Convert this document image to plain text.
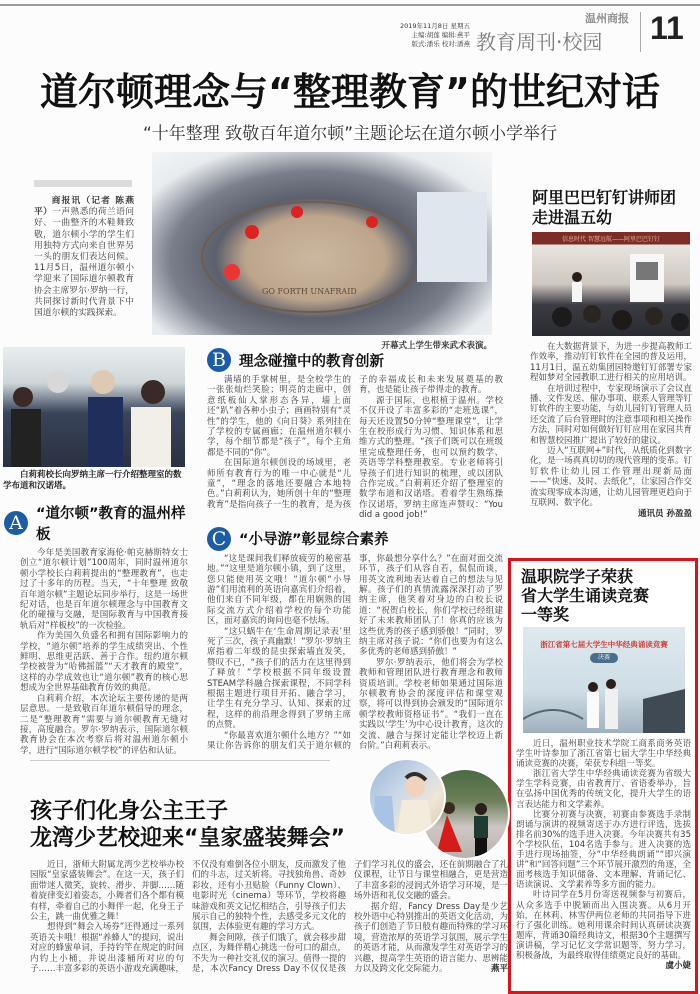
2019年11月8日 星期五
主编:胡莲 编辑:燕平
版式:潘乐 校对:潘燕
温州商报
教育周刊·校园 11
道尔顿理念与“整理教育”的世纪对话
“十年整理 致敬百年道尔顿”主题论坛在道尔顿小学举行

商报讯（记者 陈燕平）一声熟悉的荷兰语问好、一曲整齐的木鞋舞致敬，道尔顿小学的学生们用独特方式向来自世界另一头的朋友们表达问候。11月5日，温州道尔顿小学迎来了国际道尔顿教育协会主席罗尔·罗纳一行，共同探讨新时代背景下中国道尔顿的实践探索。

GO FORTH UNAFRAID
开幕式上学生带来武术表演。
白莉莉校长向罗纳主席一行介绍整理室的数学布道和汉诺塔。
A “道尔顿”教育的温州样板

今年是美国教育家海伦·帕克赫斯特女士创立“道尔顿计划”100周年，同时温州道尔顿小学校长白莉莉提出的“整理教育”，也走过了十多年的历程。当天，“十年整理 致敬百年道尔顿”主题论坛同步举行，这是一场世纪对话，也是百年道尔顿理念与中国教育文化的碰撞与交融，是国际教育与中国教育接轨后对“样板校”的一次检验。

作为美国久负盛名和拥有国际影响力的学校，“道尔顿”培养的学生成绩突出、个性鲜明、思维更活跃、善于合作。纽约道尔顿学校被誉为“哈佛摇篮”“天才教育的殿堂”，这样的办学成效也让“道尔顿”教育的核心思想成为全世界基础教育仿效的典范。

白莉莉介绍，本次论坛主要传递的是两层意思。一是致敬百年道尔顿倡导的理念，二是“整理教育”需要与道尔顿教育无缝对接，高度融合。罗尔·罗纳表示，国际道尔顿教育协会在本次考察后将对温州道尔顿小学，进行“国际道尔顿学校”的评估和认证。

B 理念碰撞中的教育创新

满墙的手掌树里，是全校学生的一张张灿烂笑脸；明亮的走廊中，创意纸板仙人掌形态各异，墙上面还“趴”着各种小虫子；画画特别有“灵性”的学生，他的《向日葵》系列挂在了学校的专属画廊；在温州道尔顿小学，每个细节都是“孩子”，每个主角都是不同的“你”。

在国际道尔顿创设的场域里，老师所有教育行为的唯一中心就是“儿童”，“理念的落地还要融合本地特色。”白莉莉认为，她所创十年的“整理教育”是指向孩子一生的教育，是为孩子的幸福成长和未来发展奠基的教育，也是能让孩子带得走的教育。

源于国际，也根植于温州。学校不仅开设了丰富多彩的“走班选课”，每天还设置50分钟“整理课堂”，让学生在校形成行为习惯、知识体系和思维方式的整理。“孩子们既可以在班级里完成整理任务，也可以预约数学、英语等学科整理教室。专业老师将引导孩子们进行知识的梳理，或以团队合作完成。”白莉莉还介绍了整理室的数学布道和汉诺塔。看着学生熟练操作汉诺塔，罗纳主席连声赞叹：“You did a good job!”

C “小导游”彰显综合素养

“这是课间我们释放疲劳的秘密基地。”“这里是道尔顿小镇，到了这里，您只能使用英文哦！”道尔顿“小导游”们用流利的英语向嘉宾们介绍着，他们来自不同年级，都在用娴熟的国际交流方式介绍着学校的每个功能区，面对嘉宾的询问也毫不怯场。

“这只蜗牛在‘生命周期记录表’里死了三次，孩子真幽默！”罗尔·罗纳主席指着二年级的昆虫探索墙直发笑，赞叹不已，“孩子们的活力在这里得到了释放！”学校根据不同年级设置STEAM学科融合探索课程，不同学科根据主题进行项目开拓、融合学习，让学生有充分学习、认知、探索的过程，这样的前沿理念得到了罗纳主席的点赞。

“你最喜欢道尔顿什么地方？”“如果让你告诉你的朋友们关于道尔顿的事，你最想分享什么？”在面对面交流环节，孩子们从容自若，侃侃而谈，用英文流利地表达着自己的想法与见解。孩子们的真情流露深深打动了罗纳主席，他笑着对身边的白校长说道：“祝贺白校长，你们学校已经组建好了未来教师团队了！你真的应该为这些优秀的孩子感到骄傲！”同时，罗纳主席对孩子说：“你们也要为有这么多优秀的老师感到骄傲！”

罗尔·罗纳表示，他们将会为学校教师和管理团队进行教育理念和教师资质培训。学校老师如果通过国际道尔顿教育协会的深度评估和课堂观察，将可以得到协会颁发的“国际道尔顿学校教师资格证书”。“我们一直在实践以‘学生’为中心设计教育，这次的交流、融合与探讨定能让学校迈上新台阶。”白莉莉表示。

阿里巴巴钉钉讲师团
走进温五幼
信息时代 智慧远航——阿里巴巴钉钉

在大数据背景下，为进一步提高教师工作效率，推动钉钉软件在全园的普及运用，11月1日，温五幼集团园特邀钉钉部署专家程如梦对全园教职工进行相关的应用培训。

在培训过程中，专家现场演示了会议直播、文件发送、催办事项、联系人管理等钉钉软件的主要功能，与幼儿园钉钉管理人员还交流了后台管理时的注意事项和相关操作方法，同时对如何做好钉钉应用在家园共育和智慧校园推广提出了较好的建议。

迈入“互联网+”时代，从纸质化到数字化，是一场真真切切的现代管理的变革。钉钉软件让幼儿园工作管理出现新局面——“快速、及时、去纸化”，让家园合作交流实现零成本沟通，让幼儿园管理更趋向于互联网、数字化。

通讯员 孙盈盈
温职院学子荣获
省大学生诵读竞赛
一等奖
浙江省第七届大学生中华经典诵读竞赛
决赛

近日，温州职业技术学院工商系商务英语学生叶诗参加了浙江省第七届大学生中华经典诵读竞赛的决赛，荣获专科组一等奖。

浙江省大学生中华经典诵读竞赛为省级大学生学科竞赛，由省教育厅、省语委举办，旨在弘扬中国优秀的传统文化，提升大学生的语言表达能力和文学素养。

比赛分初赛与决赛，初赛由参赛选手录制朗诵与演讲的视频寄送于办方进行评选，选拔排名前30%的选手进入决赛。今年决赛共有35个学校队伍，104名选手参与。进入决赛的选手进行现场抽签，分“中华经典朗诵”“即兴演讲”和“回答问题”三个环节展开激烈的角逐，全面考核选手知识储备、文本理解、背诵记忆、语读演说、文学素养等多方面的能力。

叶诗同学在5月份寄送视频参与初赛后，从众多选手中脱颖而出入围决赛。从6月开始，在林莉、林雪伊两位老师的共同指导下进行了强化训练。她利用课余时间认真研读决赛题库，背诵30篇经典诗文，根据30个主题撰写演讲稿，学习记忆文学常识题等，努力学习，积极备战，为最终取得佳绩奠定良好的基础。
虞小婕

孩子们化身公主王子
龙湾少艺校迎来“皇家盛装舞会”

近日，浙师大附属龙湾少艺校举办校园版“皇家盛装舞会”。在这一天，孩子们面带迷人微笑，旋转、滑步、并脚……随着旋律变幻着姿态，小舞者们各个都有模有样，牵着自己的小舞伴一起，化身王子公主，跳一曲优雅之舞！

想得到“舞会入场券”还得通过一系列英语关卡哦！根据“养蜂人”的提问，说出对应的蜂蜜单词，手持钓竿在规定的时间内钓上小桶，并说出漆桶所对应的句子……丰富多彩的英语小游戏充满趣味，不仅没有难倒各位小朋友，反而激发了他们的斗志，过关斩将。寻找独角兽、奇妙彩妆，还有小丑贴脸（Funny Clown）、电影时光（cinema）等环节，学校将趣味游戏和英文记忆相结合，引导孩子们去展示自己的独特个性，去感受多元文化的氛围，去体验更有趣的学习方式。

舞会间隙，孩子们饿了，就会移步甜点区，为舞伴精心挑选一份可口的甜点，不失为一种社交礼仪的演习。值得一提的是，本次Fancy Dress Day不仅仅是孩子们学习礼仪的盛会，还在前期融合了礼仪课程，让节日与课堂相融合，更是营造了丰富多彩的浸润式外语学习环境，是一场外语和礼仪交融的盛会。

据介绍，Fancy Dress Day是少艺校外语中心特别推出的英语文化活动，为孩子们创造了节日般有趣而特殊的学习环境，营造浓厚的英语学习氛围，展示学生的英语才能，从而激发学生对英语学习的兴趣，提高学生英语的语言能力、思辨能力以及跨文化交际能力。	燕平
